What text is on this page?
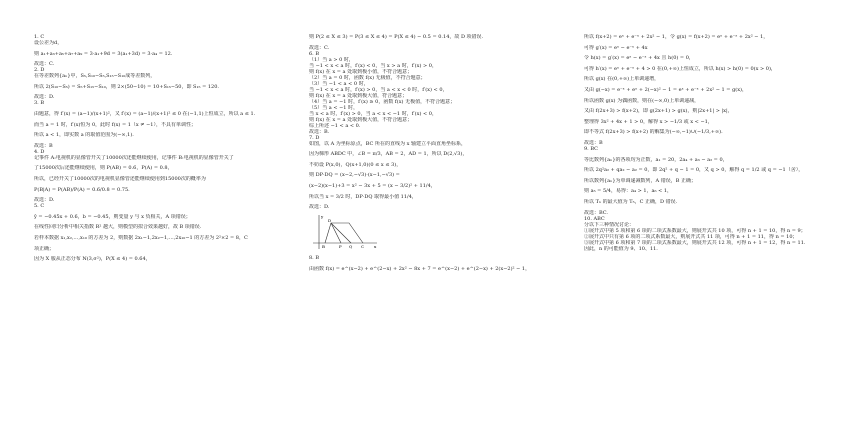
1. C

设公差为d，

则 a₁+a₃+a₅+a₇+a₉ = 3·a₁+9d = 3(a₁+3d) = 3·a₄ = 12.

故选：C.

2. D

在等差数列{aₙ}中，S₅,S₁₀−S₅,S₁₅−S₁₀成等差数列，

所以 2(S₁₀−S₅) = S₅+S₁₅−S₁₀，则 2×(50−10) = 10+S₁₅−50，即 S₁₅ = 120.

故选：D.

3. B

由题意，得 f′(x) = (a−1)/(x+1)²，又 f′(x) = (a−1)/(x+1)² ≤ 0 在(−1,1)上恒成立，所以 a ≤ 1.

而当 a = 1 时，f′(x)恒为 0，此时 f(x) = 1（x ≠ −1），不具有单调性；

所以 a < 1，即实数 a 的取值范围为(−∞,1).

故选：B

4. D

记事件 A:电视机的显像管开关了10000次还能继续使用，记事件 B:电视机的显像管开关了

了15000次后还能继续使用，则 P(AB) = 0.6，P(A) = 0.8，

所以，已经开关了10000次的电视机显像管还能继续使用到15000次的概率为

P(B|A) = P(AB)/P(A) = 0.6/0.8 = 0.75.

故选：D.

5. C

ŷ = −0.45x + 0.6，b̂ = −0.45，则变量 y 与 x 负相关，A 项错误；

在线性回归分析中相关指数 R² 越大，则模型的拟合效果越好，故 B 项错误.

若样本数据 x₁,x₂,…,x₁₀ 的方差为 2，则数据 2x₁−1,2x₂−1,…,2x₁₀−1 的方差为 2²×2 = 8，C

项正确；

因为 X 服从正态分布 N(3,σ²)，P(X ≤ 4) = 0.64，

则 P(2 ≤ X ≤ 3) = P(3 ≤ X ≤ 4) = P(X ≤ 4) − 0.5 = 0.14，故 D 项错误.

故选：C.

6. B

（1）当 a > 0 时，

当 −1 < x < a 时，f′(x) < 0，当 x > a 时，f′(x) > 0，

则 f(x) 在 x = a 处取到极小值，不符合题意；

（2）当 a = 0 时，函数 f(x) 无极值，不符合题意；

（3）当 −1 < a < 0 时，

当 −1 < x < a 时，f′(x) > 0，当 a < x < 0 时，f′(x) < 0，

则 f(x) 在 x = a 处取到极大值，符合题意；

（4）当 a = −1 时，f′(x) ≥ 0，函数 f(x) 无极值，不符合题意；

（5）当 a < −1 时，

当 x < a 时，f′(x) > 0，当 a < x < −1 时，f′(x) < 0，

则 f(x) 在 x = a 处取到极大值，不符合题意；

综上所述 −1 < a < 0.

故选：B.

7. D

如图，以 A 为坐标原点，BC 所在的直线为 x 轴建立平面直角坐标系，

因为梯形 ABDC 中，∠B = π/3，AB = 2，AD = 1，所以 D(2,√3)，

不妨设 P(x,0)，Q(x+1,0)(0 ≤ x ≤ 3)，

则 DP·DQ = (x−2,−√3)·(x−1,−√3) =

(x−2)(x−1)+3 = x² − 3x + 5 = (x − 3/2)² + 11/4，

所以当 x = 3/2 时，DP·DQ 取得最小值 11/4，

故选：D.

y
D
B	P Q C x

8. B

由函数 f(x) = e^(x−2) + e^(2−x) + 2x² − 8x + 7 = e^(x−2) + e^(2−x) + 2(x−2)² − 1，

所以 f(x+2) = eˣ + e⁻ˣ + 2x² − 1，令 g(x) = f(x+2) = eˣ + e⁻ˣ + 2x² − 1，

可得 g′(x) = eˣ − e⁻ˣ + 4x

令 h(x) = g′(x) = eˣ − e⁻ˣ + 4x 且 h(0) = 0，

可得 h′(x) = eˣ + e⁻ˣ + 4 > 0 在(0,+∞)上恒成立，所以 h(x) > h(0) = 0(x > 0)，

所以 g(x) 在(0,+∞)上单调递增，

又由 g(−x) = e⁻ˣ + eˣ + 2(−x)² − 1 = eˣ + e⁻ˣ + 2x² − 1 = g(x)，

所以函数 g(x) 为偶函数，则在(−∞,0)上单调递减，

又由 f(2x+3) > f(x+2)，即 g(2x+1) > g(x)，则|2x+1| > |x|，

整理得 3x² + 4x + 1 > 0，解得 x > −1/3 或 x < −1，

即不等式 f(2x+3) > f(x+2) 的解集为(−∞,−1)∪(−1/3,+∞).

故选：B

9. BC

等比数列{aₙ}的各项均为正数，a₁ = 20，2a₄ + a₃ − a₂ = 0，

所以 2q²a₂ + qa₂ − a₂ = 0，即 2q² + q − 1 = 0，又 q > 0，解得 q = 1/2 或 q = −1（舍），

所以数列{aₙ}为单调递减数列，A 错误，B 正确；

则 a₅ = 5/4，易得：a₄ > 1，a₆ < 1，

所以 Tₙ 的最大值为 T₅，C 正确，D 错误.

故选：BC.

10. ABC

分以下三种情况讨论：

①展开式中第 5 项和第 6 项的二项式系数最大，则展开式共 10 项，可得 n + 1 = 10，得 n = 9；

②展开式中只有第 6 项的二项式系数最大，则展开式共 11 项，可得 n + 1 = 11，得 n = 10；

③展开式中第 6 项和第 7 项的二项式系数最大，则展开式共 12 项，可得 n + 1 = 12，得 n = 11.

因此，n 的可能值为 9、10、11.
